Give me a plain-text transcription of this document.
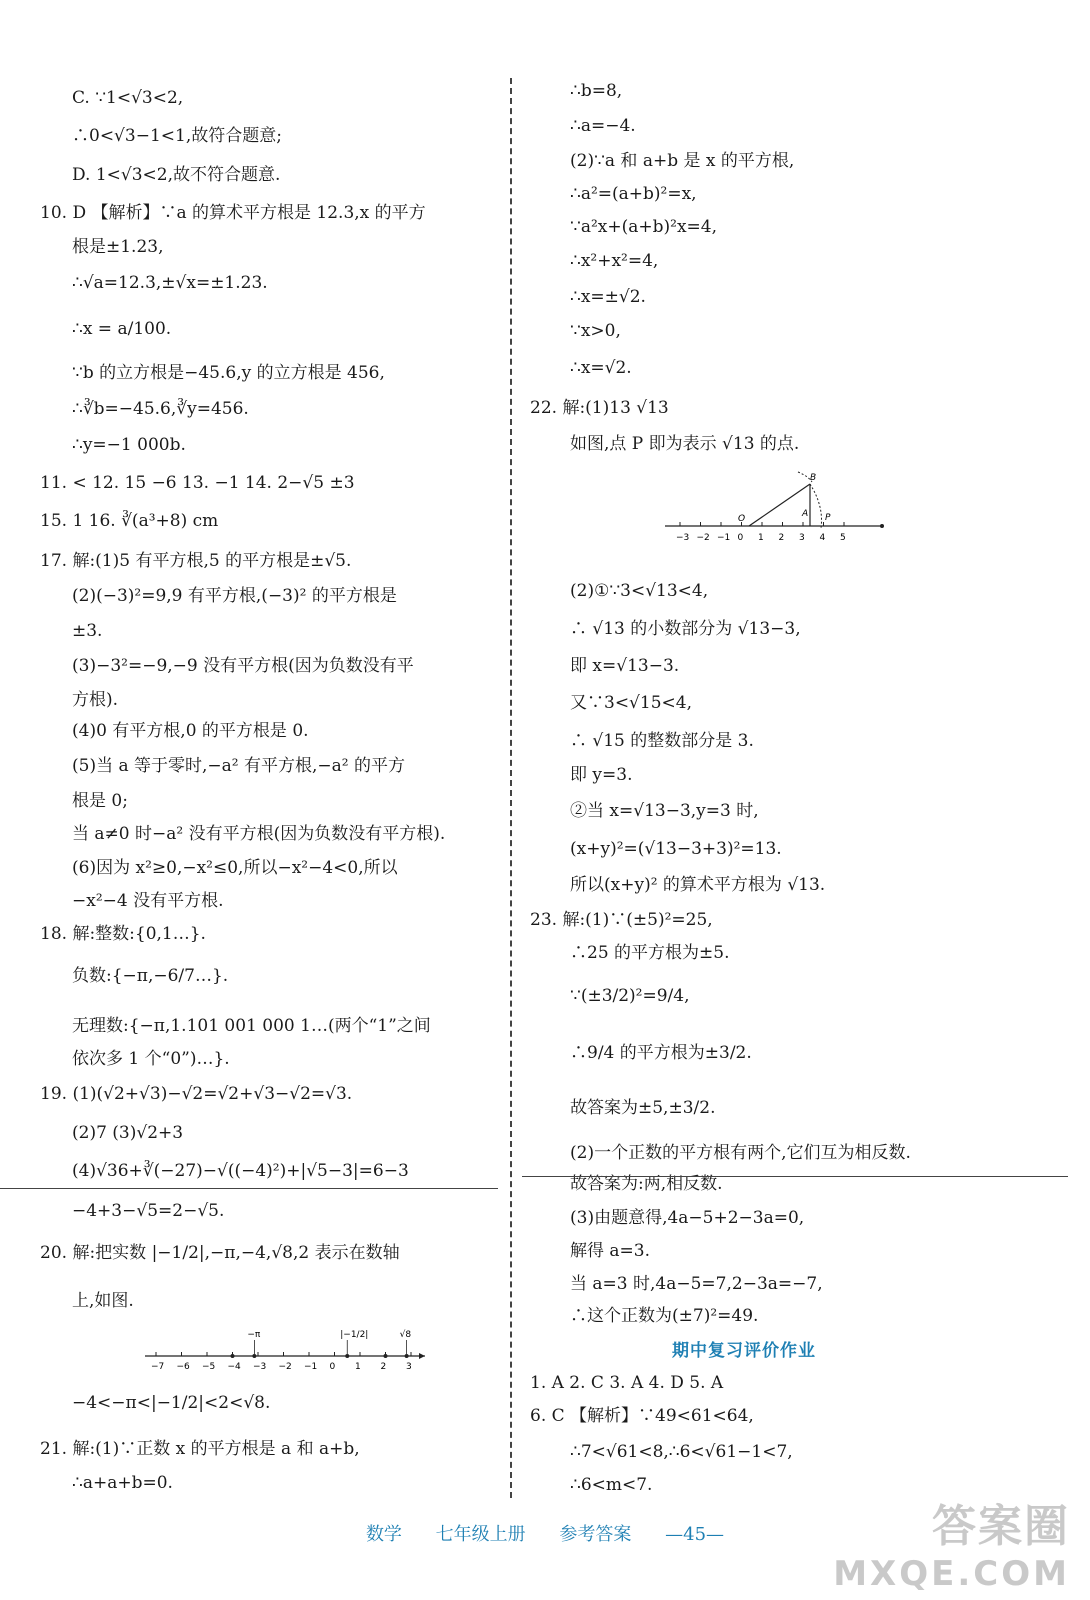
C. ∵1<√3<2,
∴0<√3−1<1,故符合题意;
D. 1<√3<2,故不符合题意.
10. D 【解析】∵a 的算术平方根是 12.3,x 的平方
根是±1.23,
∴√a=12.3,±√x=±1.23.
∴x = a/100.
∵b 的立方根是−45.6,y 的立方根是 456,
∴∛b=−45.6,∛y=456.
∴y=−1 000b.
11. < 12. 15 −6 13. −1 14. 2−√5 ±3
15. 1 16. ∛(a³+8) cm
17. 解:(1)5 有平方根,5 的平方根是±√5.
(2)(−3)²=9,9 有平方根,(−3)² 的平方根是
±3.
(3)−3²=−9,−9 没有平方根(因为负数没有平
方根).
(4)0 有平方根,0 的平方根是 0.
(5)当 a 等于零时,−a² 有平方根,−a² 的平方
根是 0;
当 a≠0 时−a² 没有平方根(因为负数没有平方根).
(6)因为 x²≥0,−x²≤0,所以−x²−4<0,所以
−x²−4 没有平方根.
18. 解:整数:{0,1…}.
负数:{−π,−6/7…}.
无理数:{−π,1.101 001 000 1…(两个“1”之间
依次多 1 个“0”)…}.
19. (1)(√2+√3)−√2=√2+√3−√2=√3.
(2)7 (3)√2+3
(4)√36+∛(−27)−√((−4)²)+|√5−3|=6−3
−4+3−√5=2−√5.
20. 解:把实数 |−1/2|,−π,−4,√8,2 表示在数轴
上,如图.
−4<−π<|−1/2|<2<√8.
21. 解:(1)∵正数 x 的平方根是 a 和 a+b,
∴a+a+b=0.
∴b=8,
∴a=−4.
(2)∵a 和 a+b 是 x 的平方根,
∴a²=(a+b)²=x,
∵a²x+(a+b)²x=4,
∴x²+x²=4,
∴x=±√2.
∵x>0,
∴x=√2.
22. 解:(1)13 √13
如图,点 P 即为表示 √13 的点.
(2)①∵3<√13<4,
∴ √13 的小数部分为 √13−3,
即 x=√13−3.
又∵3<√15<4,
∴ √15 的整数部分是 3.
即 y=3.
②当 x=√13−3,y=3 时,
(x+y)²=(√13−3+3)²=13.
所以(x+y)² 的算术平方根为 √13.
23. 解:(1)∵(±5)²=25,
∴25 的平方根为±5.
∵(±3/2)²=9/4,
∴9/4 的平方根为±3/2.
故答案为±5,±3/2.
(2)一个正数的平方根有两个,它们互为相反数.
故答案为:两,相反数.
(3)由题意得,4a−5+2−3a=0,
解得 a=3.
当 a=3 时,4a−5=7,2−3a=−7,
∴这个正数为(±7)²=49.
1. A 2. C 3. A 4. D 5. A
6. C 【解析】∵49<61<64,
∴7<√61<8,∴6<√61−1<7,
∴6<m<7.
−7 −6 −5 −4 −3 −2 −1 0 1 2 3
−π	|−1/2|	√8
−3 −2 −1 0 1 2 3 4 5
O	A
B
P
期中复习评价作业
数学 七年级上册 参考答案 —45—	答案圈
MXQE.COM
